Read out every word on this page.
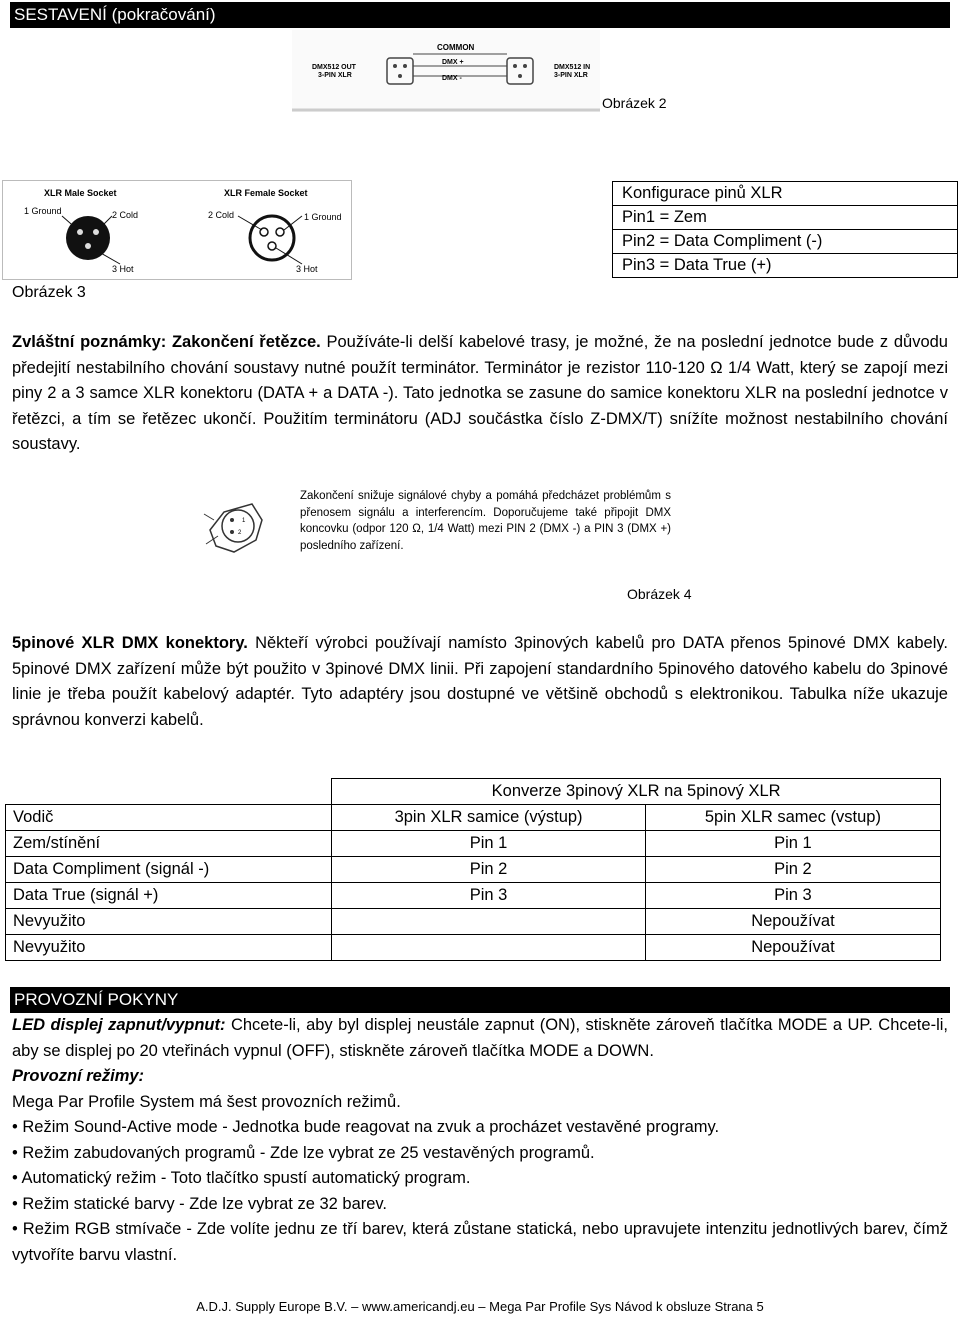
SESTAVENÍ (pokračování)
COMMON
DMX512 OUT
3-PIN XLR
DMX512 IN
3-PIN XLR
DMX +
DMX -
Obrázek 2
XLR Male Socket	XLR Female Socket
1 Ground	2 Cold
3 Hot
2 Cold	1 Ground
3 Hot
Obrázek 3
Konfigurace pinů XLR
Pin1 = Zem
Pin2 = Data Compliment (-)
Pin3 = Data True (+)
Zvláštní poznámky: Zakončení řetězce. Používáte-li delší kabelové trasy, je možné, že na poslední jednotce bude z důvodu předejití nestabilního chování soustavy nutné použít terminátor. Terminátor je rezistor 110-120 Ω 1/4 Watt, který se zapojí mezi piny 2 a 3 samce XLR konektoru (DATA + a DATA -). Tato jednotka se zasune do samice konektoru XLR na poslední jednotce v řetězci, a tím se řetězec ukončí. Použitím terminátoru (ADJ součástka číslo Z-DMX/T) snížíte možnost nestabilního chování soustavy.
1
2
Zakončení snižuje signálové chyby a pomáhá předcházet problémům s přenosem signálu a interferencím. Doporučujeme také připojit DMX koncovku (odpor 120 Ω, 1/4 Watt) mezi PIN 2 (DMX -) a PIN 3 (DMX +) posledního zařízení.
Obrázek 4
5pinové XLR DMX konektory. Někteří výrobci používají namísto 3pinových kabelů pro DATA přenos 5pinové DMX kabely. 5pinové DMX zařízení může být použito v 3pinové DMX linii. Při zapojení standardního 5pinového datového kabelu do 3pinové linie je třeba použít kabelový adaptér. Tyto adaptéry jsou dostupné ve většině obchodů s elektronikou. Tabulka níže ukazuje správnou konverzi kabelů.
	Konverze 3pinový XLR na 5pinový XLR	
Vodič	3pin XLR samice (výstup)	5pin XLR samec (vstup)
Zem/stínění	Pin 1	Pin 1
Data Compliment (signál -)	Pin 2	Pin 2
Data True (signál +)	Pin 3	Pin 3
Nevyužito		Nepoužívat
Nevyužito		Nepoužívat
PROVOZNÍ POKYNY
LED displej zapnut/vypnut: Chcete-li, aby byl displej neustále zapnut (ON), stiskněte zároveň tlačítka MODE a UP. Chcete-li, aby se displej po 20 vteřinách vypnul (OFF), stiskněte zároveň tlačítka MODE a DOWN.
Provozní režimy:
Mega Par Profile System má šest provozních režimů.
• Režim Sound-Active mode - Jednotka bude reagovat na zvuk a procházet vestavěné programy.
• Režim zabudovaných programů - Zde lze vybrat ze 25 vestavěných programů.
• Automatický režim - Toto tlačítko spustí automatický program.
• Režim statické barvy - Zde lze vybrat ze 32 barev.
• Režim RGB stmívače - Zde volíte jednu ze tří barev, která zůstane statická, nebo upravujete intenzitu jednotlivých barev, čímž vytvoříte barvu vlastní.
A.D.J. Supply Europe B.V. – www.americandj.eu – Mega Par Profile Sys Návod k obsluze Strana 5
